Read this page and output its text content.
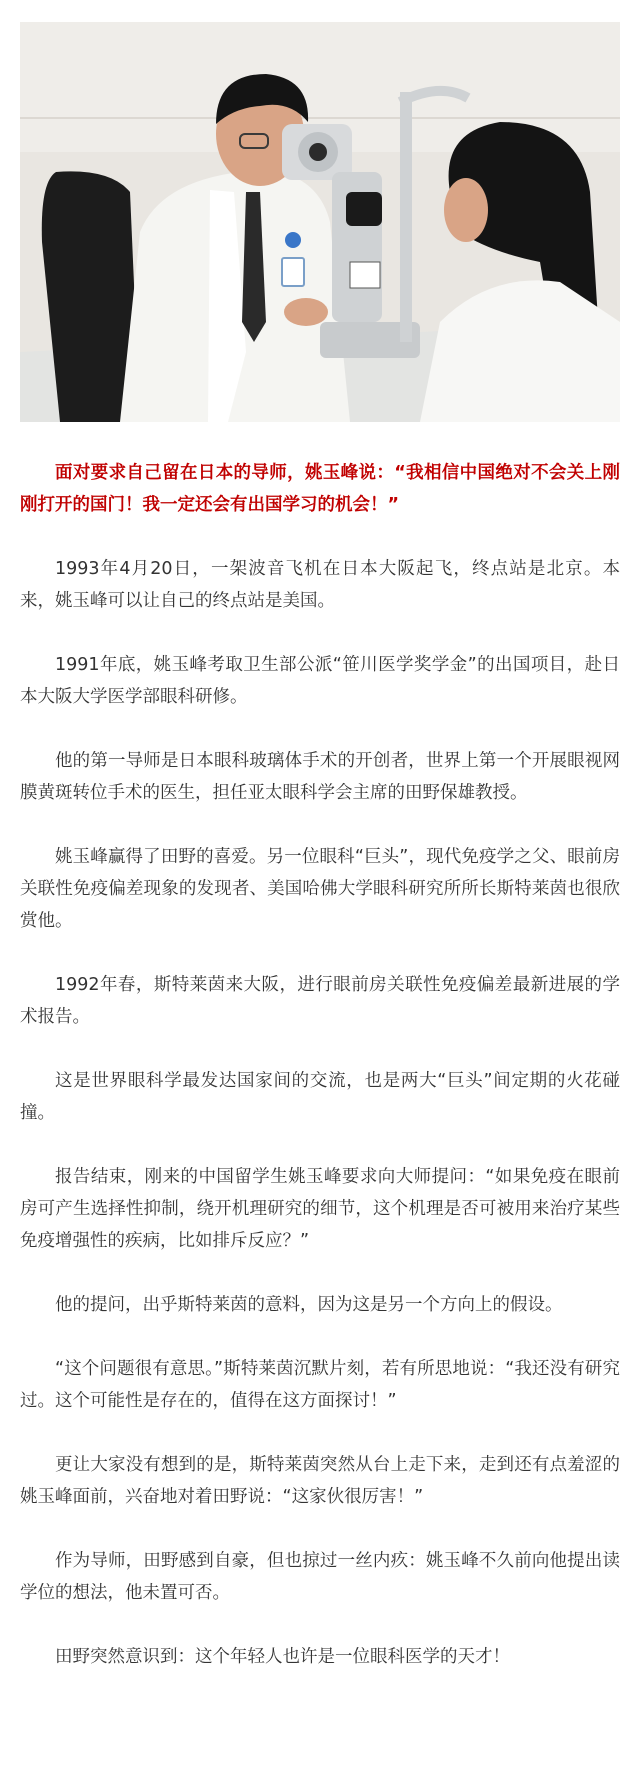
面对要求自己留在日本的导师，姚玉峰说：“我相信中国绝对不会关上刚刚打开的国门！我一定还会有出国学习的机会！”

1993年4月20日，一架波音飞机在日本大阪起飞，终点站是北京。本来，姚玉峰可以让自己的终点站是美国。

1991年底，姚玉峰考取卫生部公派“笹川医学奖学金”的出国项目，赴日本大阪大学医学部眼科研修。

他的第一导师是日本眼科玻璃体手术的开创者，世界上第一个开展眼视网膜黄斑转位手术的医生，担任亚太眼科学会主席的田野保雄教授。

姚玉峰赢得了田野的喜爱。另一位眼科“巨头”，现代免疫学之父、眼前房关联性免疫偏差现象的发现者、美国哈佛大学眼科研究所所长斯特莱茵也很欣赏他。

1992年春，斯特莱茵来大阪，进行眼前房关联性免疫偏差最新进展的学术报告。

这是世界眼科学最发达国家间的交流，也是两大“巨头”间定期的火花碰撞。

报告结束，刚来的中国留学生姚玉峰要求向大师提问：“如果免疫在眼前房可产生选择性抑制，绕开机理研究的细节，这个机理是否可被用来治疗某些免疫增强性的疾病，比如排斥反应？”

他的提问，出乎斯特莱茵的意料，因为这是另一个方向上的假设。

“这个问题很有意思。”斯特莱茵沉默片刻，若有所思地说：“我还没有研究过。这个可能性是存在的，值得在这方面探讨！”

更让大家没有想到的是，斯特莱茵突然从台上走下来，走到还有点羞涩的姚玉峰面前，兴奋地对着田野说：“这家伙很厉害！”

作为导师，田野感到自豪，但也掠过一丝内疚：姚玉峰不久前向他提出读学位的想法，他未置可否。

田野突然意识到：这个年轻人也许是一位眼科医学的天才！
